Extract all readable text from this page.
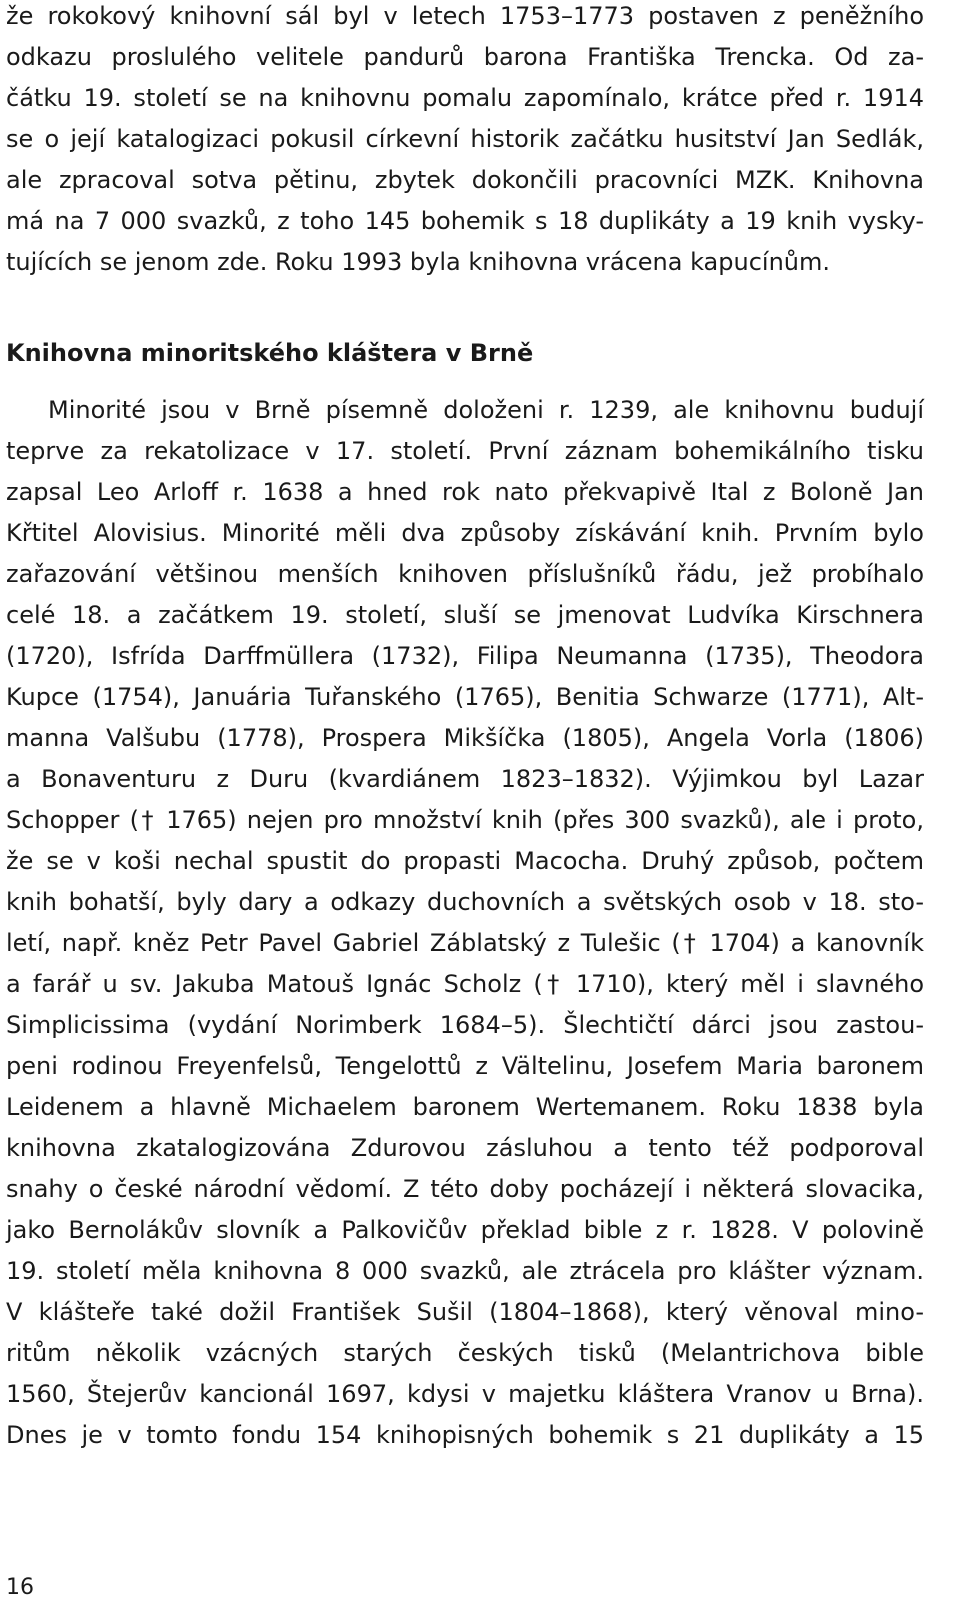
že rokokový knihovní sál byl v letech 1753–1773 postaven z peněžního
odkazu proslulého velitele pandurů barona Františka Trencka. Od za-
čátku 19. století se na knihovnu pomalu zapomínalo, krátce před r. 1914
se o její katalogizaci pokusil církevní historik začátku husitství Jan Sedlák,
ale zpracoval sotva pětinu, zbytek dokončili pracovníci MZK. Knihovna
má na 7 000 svazků, z toho 145 bohemik s 18 duplikáty a 19 knih vysky-
tujících se jenom zde. Roku 1993 byla knihovna vrácena kapucínům.
Knihovna minoritského kláštera v Brně
Minorité jsou v Brně písemně doloženi r. 1239, ale knihovnu budují
teprve za rekatolizace v 17. století. První záznam bohemikálního tisku
zapsal Leo Arloff r. 1638 a hned rok nato překvapivě Ital z Boloně Jan
Křtitel Alovisius. Minorité měli dva způsoby získávání knih. Prvním bylo
zařazování většinou menších knihoven příslušníků řádu, jež probíhalo
celé 18. a začátkem 19. století, sluší se jmenovat Ludvíka Kirschnera
(1720), Isfrída Darffmüllera (1732), Filipa Neumanna (1735), Theodora
Kupce (1754), Januária Tuřanského (1765), Benitia Schwarze (1771), Alt-
manna Valšubu (1778), Prospera Mikšíčka (1805), Angela Vorla (1806)
a Bonaventuru z Duru (kvardiánem 1823–1832). Výjimkou byl Lazar
Schopper († 1765) nejen pro množství knih (přes 300 svazků), ale i proto,
že se v koši nechal spustit do propasti Macocha. Druhý způsob, počtem
knih bohatší, byly dary a odkazy duchovních a světských osob v 18. sto-
letí, např. kněz Petr Pavel Gabriel Záblatský z Tulešic († 1704) a kanovník
a farář u sv. Jakuba Matouš Ignác Scholz († 1710), který měl i slavného
Simplicissima (vydání Norimberk 1684–5). Šlechtičtí dárci jsou zastou-
peni rodinou Freyenfelsů, Tengelottů z Vältelinu, Josefem Maria baronem
Leidenem a hlavně Michaelem baronem Wertemanem. Roku 1838 byla
knihovna zkatalogizována Zdurovou zásluhou a tento též podporoval
snahy o české národní vědomí. Z této doby pocházejí i některá slovacika,
jako Bernolákův slovník a Palkovičův překlad bible z r. 1828. V polovině
19. století měla knihovna 8 000 svazků, ale ztrácela pro klášter význam.
V klášteře také dožil František Sušil (1804–1868), který věnoval mino-
ritům několik vzácných starých českých tisků (Melantrichova bible
1560, Štejerův kancionál 1697, kdysi v majetku kláštera Vranov u Brna).
Dnes je v tomto fondu 154 knihopisných bohemik s 21 duplikáty a 15
16
